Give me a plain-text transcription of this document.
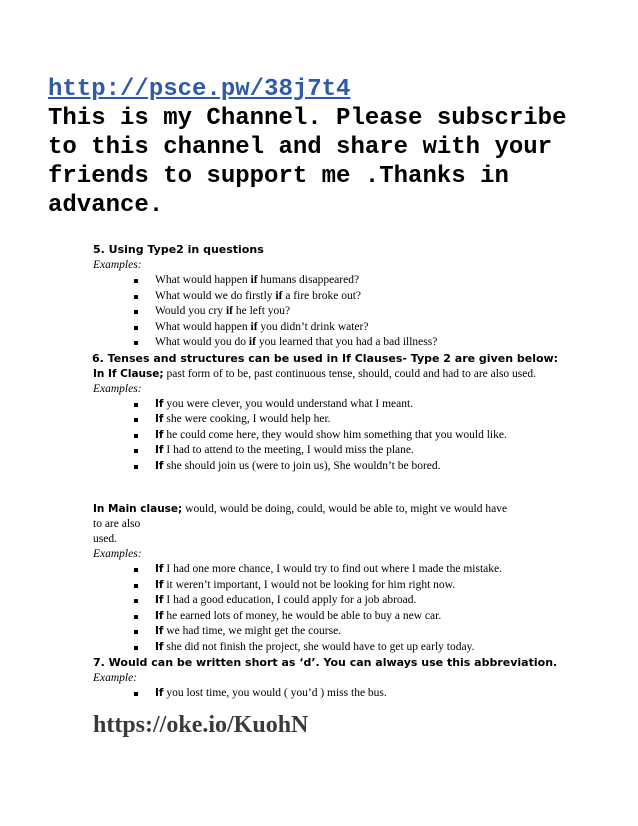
http://psce.pw/38j7t4
This is my Channel. Please subscribe
to this channel and share with your
friends to support me .Thanks in
advance.
5. Using Type2 in questions
Examples:
What would happen if humans disappeared?
What would we do firstly if a fire broke out?
Would you cry if he left you?
What would happen if you didn’t drink water?
What would you do if you learned that you had a bad illness?
6. Tenses and structures can be used in If Clauses- Type 2 are given below:
In If Clause; past form of to be, past continuous tense, should, could and had to are also used.
Examples:
If you were clever, you would understand what I meant.
If she were cooking, I would help her.
If he could come here, they would show him something that you would like.
If I had to attend to the meeting, I would miss the plane.
If she should join us (were to join us), She wouldn’t be bored.
In Main clause; would, would be doing, could, would be able to, might ve would have
to are also
used.
Examples:
If I had one more chance, I would try to find out where I made the mistake.
If it weren’t important, I would not be looking for him right now.
If I had a good education, I could apply for a job abroad.
If he earned lots of money, he would be able to buy a new car.
If we had time, we might get the course.
If she did not finish the project, she would have to get up early today.
7. Would can be written short as ‘d’. You can always use this abbreviation.
Example:
If you lost time, you would ( you’d ) miss the bus.
https://oke.io/KuohN
